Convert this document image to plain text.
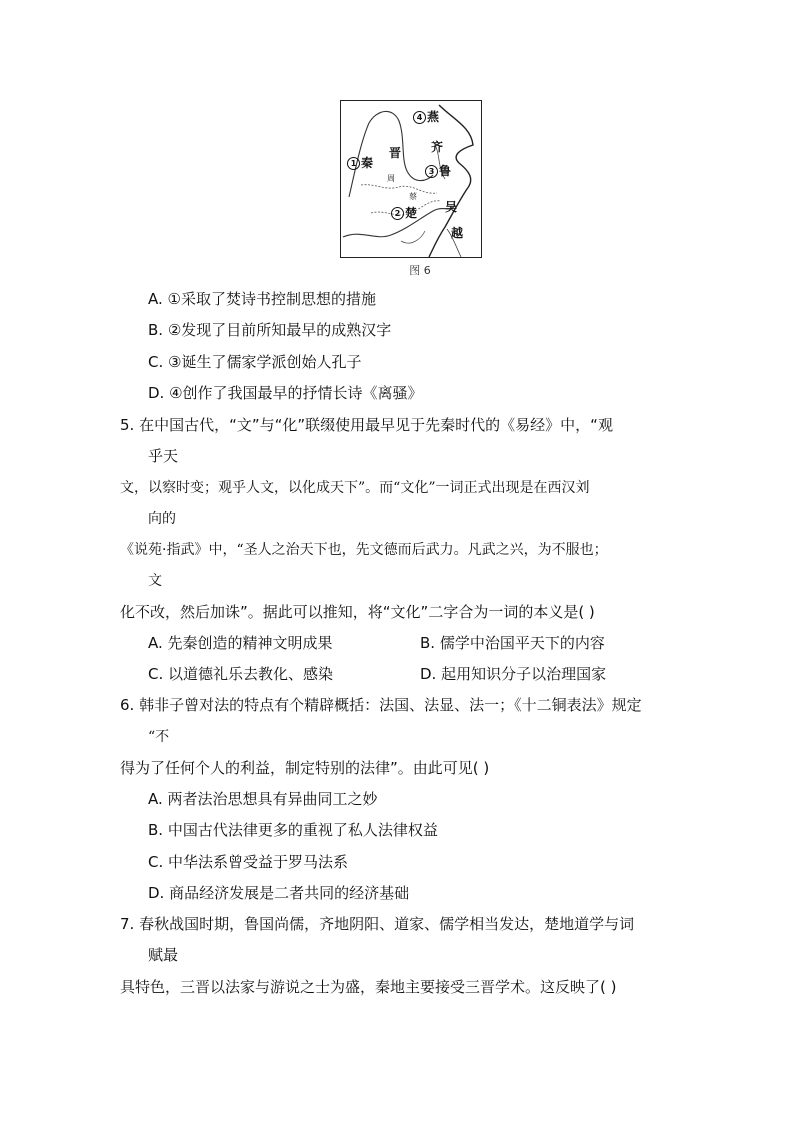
4 燕
齐
晋
1 秦
3 鲁
周
蔡
吴
2 楚
越
图 6
A. ①采取了焚诗书控制思想的措施
B. ②发现了目前所知最早的成熟汉字
C. ③诞生了儒家学派创始人孔子
D. ④创作了我国最早的抒情长诗《离骚》
5. 在中国古代，“文”与“化”联缀使用最早见于先秦时代的《易经》中，“观
乎天
文，以察时变；观乎人文，以化成天下”。而“文化”一词正式出现是在西汉刘
向的
《说苑·指武》中，“圣人之治天下也，先文德而后武力。凡武之兴，为不服也；
文
化不改，然后加诛”。据此可以推知，将“文化”二字合为一词的本义是( )
A. 先秦创造的精神文明成果	B. 儒学中治国平天下的内容
C. 以道德礼乐去教化、感染	D. 起用知识分子以治理国家
6. 韩非子曾对法的特点有个精辟概括：法国、法显、法一；《十二铜表法》规定
“不
得为了任何个人的利益，制定特别的法律”。由此可见( )
A. 两者法治思想具有异曲同工之妙
B. 中国古代法律更多的重视了私人法律权益
C. 中华法系曾受益于罗马法系
D. 商品经济发展是二者共同的经济基础
7. 春秋战国时期，鲁国尚儒，齐地阴阳、道家、儒学相当发达，楚地道学与词
赋最
具特色，三晋以法家与游说之士为盛，秦地主要接受三晋学术。这反映了( )
